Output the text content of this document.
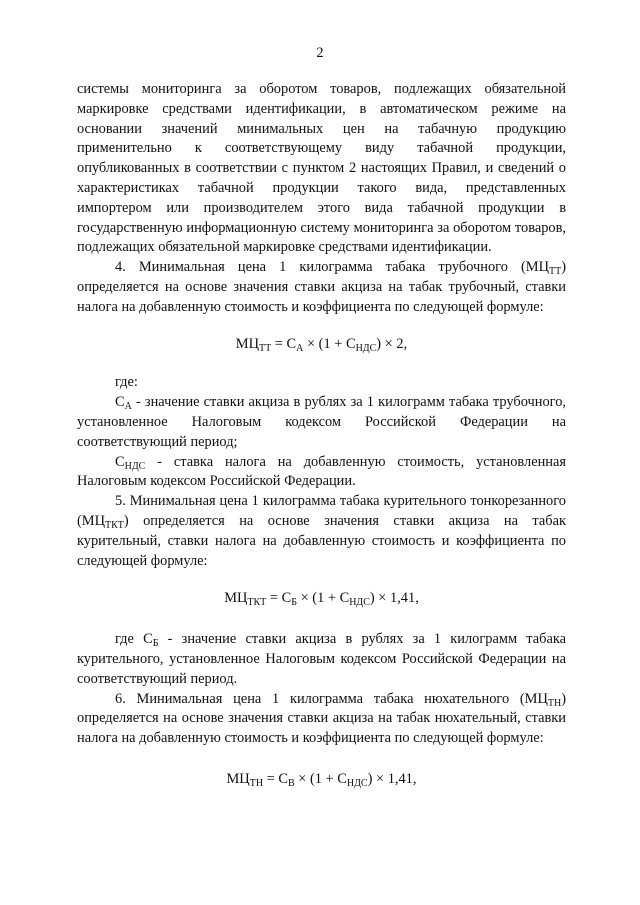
2

системы мониторинга за оборотом товаров, подлежащих обязательной маркировке средствами идентификации, в автоматическом режиме на основании значений минимальных цен на табачную продукцию применительно к соответствующему виду табачной продукции, опубликованных в соответствии с пунктом 2 настоящих Правил, и сведений о характеристиках табачной продукции такого вида, представленных импортером или производителем этого вида табачной продукции в государственную информационную систему мониторинга за оборотом товаров, подлежащих обязательной маркировке средствами идентификации.

4. Минимальная цена 1 килограмма табака трубочного $(МЦ_{ТТ})$ определяется на основе значения ставки акциза на табак трубочный, ставки налога на добавленную стоимость и коэффициента по следующей формуле:

$МЦ_{ТТ} = С_А \times (1 + С_{НДС}) \times 2$,

где:

$С_А$ - значение ставки акциза в рублях за 1 килограмм табака трубочного, установленное Налоговым кодексом Российской Федерации на соответствующий период;

$С_{НДС}$ - ставка налога на добавленную стоимость, установленная Налоговым кодексом Российской Федерации.

5. Минимальная цена 1 килограмма табака курительного тонкорезанного $(МЦ_{ТКТ})$ определяется на основе значения ставки акциза на табак курительный, ставки налога на добавленную стоимость и коэффициента по следующей формуле:

$МЦ_{ТКТ} = С_Б \times (1 + С_{НДС}) \times 1,41$,

где $С_Б$ - значение ставки акциза в рублях за 1 килограмм табака курительного, установленное Налоговым кодексом Российской Федерации на соответствующий период.

6. Минимальная цена 1 килограмма табака нюхательного $(МЦ_{ТН})$ определяется на основе значения ставки акциза на табак нюхательный, ставки налога на добавленную стоимость и коэффициента по следующей формуле:

$МЦ_{ТН} = С_В \times (1 + С_{НДС}) \times 1,41$,
